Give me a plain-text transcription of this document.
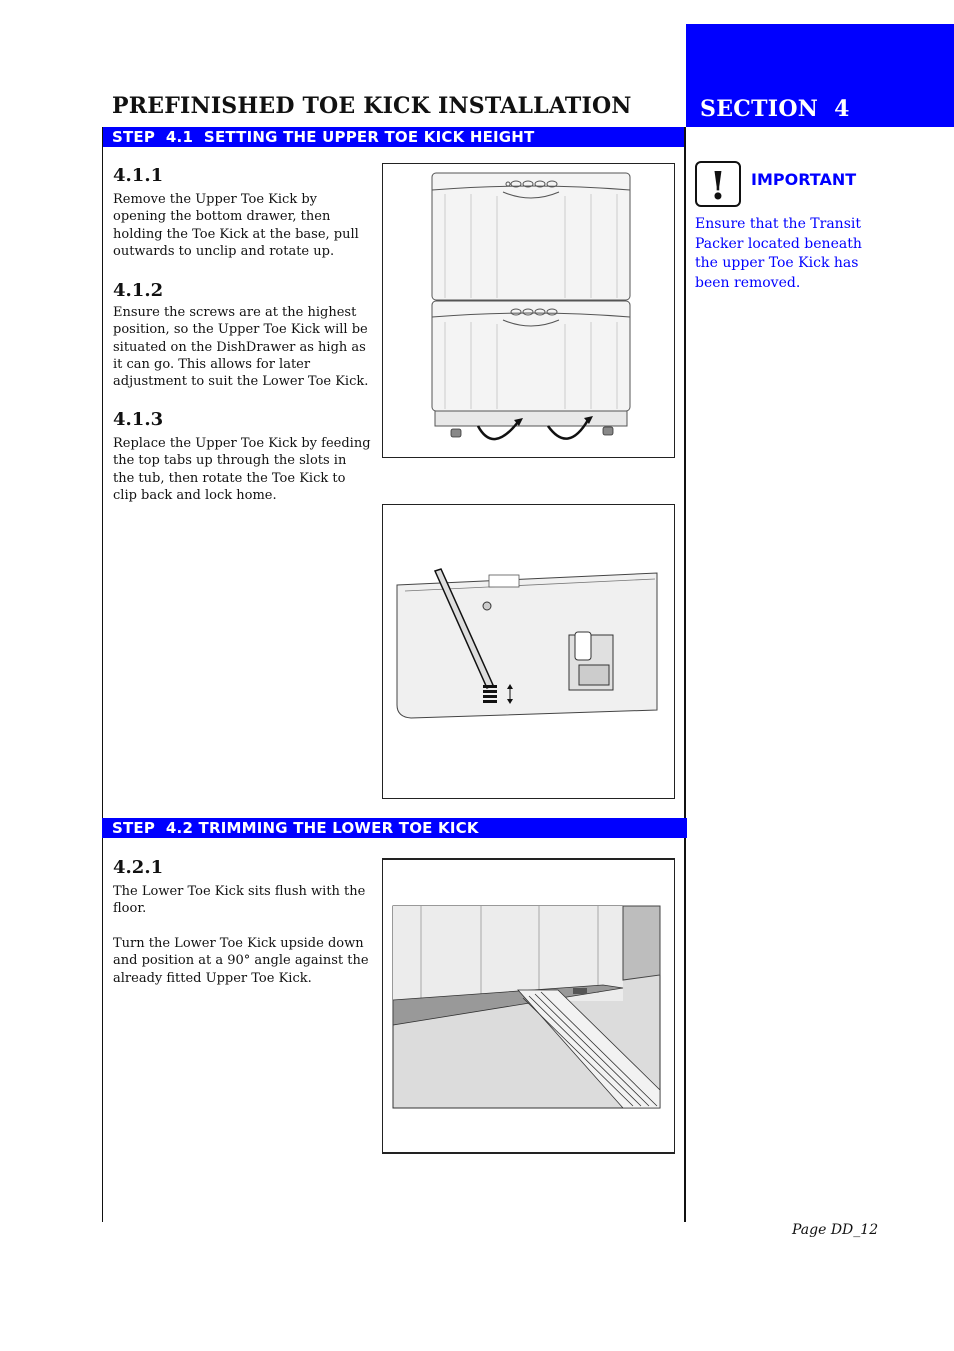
SECTION  4
PREFINISHED TOE KICK INSTALLATION
STEP  4.1  SETTING THE UPPER TOE KICK HEIGHT
STEP  4.2 TRIMMING THE LOWER TOE KICK
4.1.1
Remove the Upper Toe Kick by opening the bottom drawer, then holding the Toe Kick at the base, pull outwards to unclip and rotate up.
4.1.2
Ensure the screws are at the highest position, so the Upper Toe Kick will be situated on the DishDrawer as high as it can go. This allows for later adjustment to suit the Lower Toe Kick.
4.1.3
Replace the Upper Toe Kick by feeding the top tabs up through the slots in the tub, then rotate the Toe Kick to clip back and lock home.
4.2.1
The Lower Toe Kick sits flush with the floor.
Turn the Lower Toe Kick upside down and position at a 90° angle against the already fitted Upper Toe Kick.
! IMPORTANT
Ensure that the Transit Packer located beneath the upper Toe Kick has been removed.
Page DD_12
